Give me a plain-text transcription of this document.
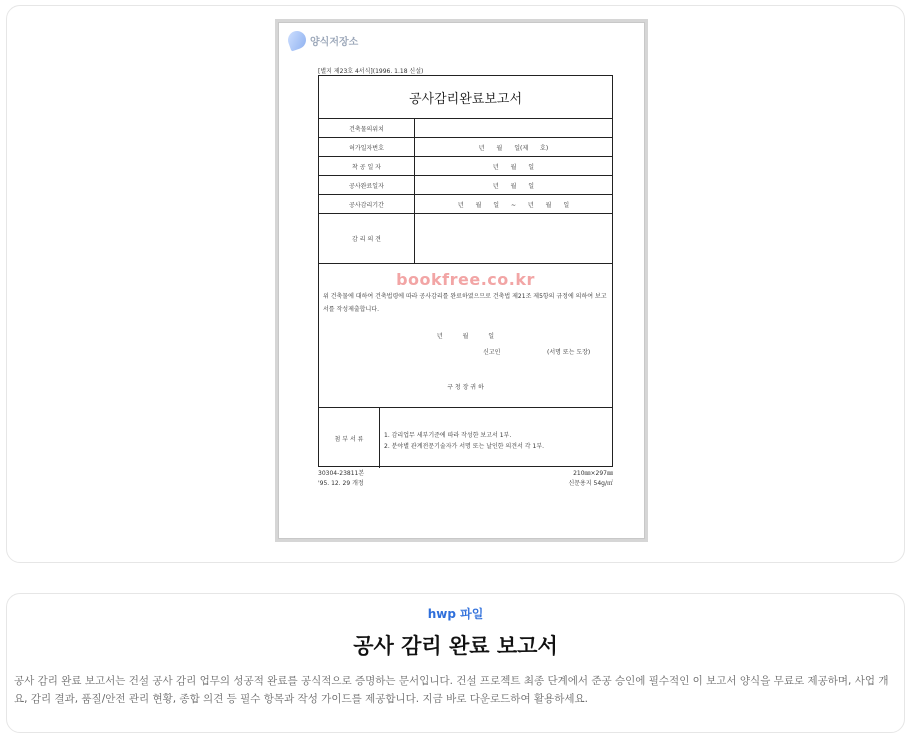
양식저장소
[별지 제23호 4서식](1996. 1.18 신설)
공사감리완료보고서
건축물의위치
허가일자번호	년 월 일(제 호)
착 공 일 자	년 월 일
공사완료일자	년 월 일
공사감리기간	년 월 일 ~ 년 월 일
감 리 의 견
bookfree.co.kr
위 건축물에 대하여 건축법령에 따라 공사감리를 완료하였으므로 건축법 제21조 제5항의 규정에 의하여 보고서를 작성제출합니다.
년 월 일
신고인	(서명 또는 도장)
구 청 장 귀 하
첨 부 서 류	1. 감리업무 세부기준에 따라 작성한 보고서 1부.
2. 분야별 관계전문기술자가 서명 또는 날인한 의견서 각 1부.
30304-23811본
'95. 12. 29 개정
210㎜×297㎜
신문용지 54g/㎡
hwp 파일
공사 감리 완료 보고서
공사 감리 완료 보고서는 건설 공사 감리 업무의 성공적 완료를 공식적으로 증명하는 문서입니다. 건설 프로젝트 최종 단계에서 준공 승인에 필수적인 이 보고서 양식을 무료로 제공하며, 사업 개요, 감리 결과, 품질/안전 관리 현황, 종합 의견 등 필수 항목과 작성 가이드를 제공합니다. 지금 바로 다운로드하여 활용하세요.
